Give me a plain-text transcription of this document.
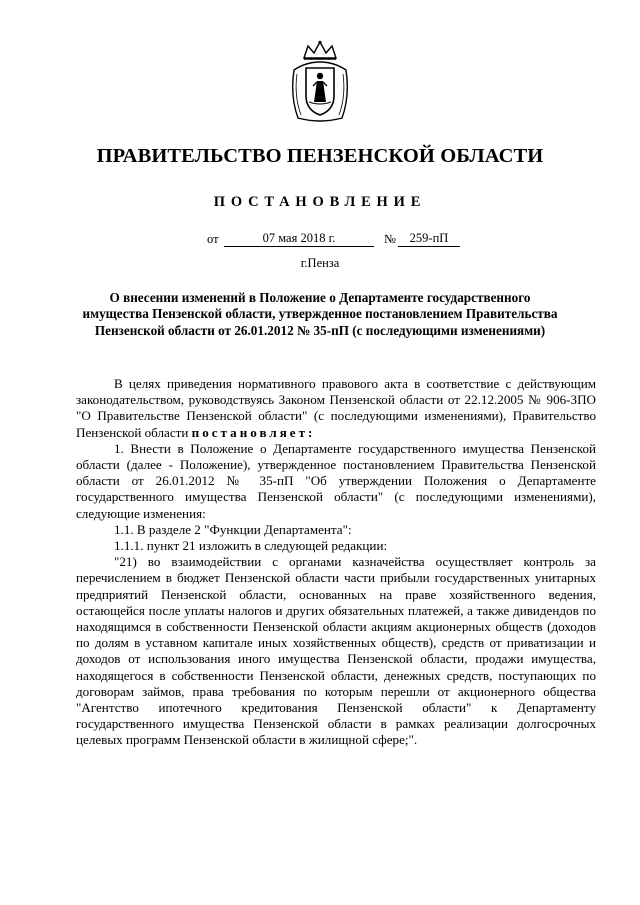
ПРАВИТЕЛЬСТВО ПЕНЗЕНСКОЙ ОБЛАСТИ
ПОСТАНОВЛЕНИЕ
от	07 мая 2018 г.	№	259-пП
г.Пенза
О внесении изменений в Положение о Департаменте государственного имущества Пензенской области, утвержденное постановлением Правительства Пензенской области от 26.01.2012 № 35-пП (с последующими изменениями)

В целях приведения нормативного правового акта в соответствие с действующим законодательством, руководствуясь Законом Пензенской области от 22.12.2005 № 906-ЗПО "О Правительстве Пензенской области" (с последующими изменениями), Правительство Пензенской области постановляет:

1. Внести в Положение о Департаменте государственного имущества Пензенской области (далее - Положение), утвержденное постановлением Правительства Пензенской области от 26.01.2012 № 35-пП "Об утверждении Положения о Департаменте государственного имущества Пензенской области" (с последующими изменениями), следующие изменения:

1.1. В разделе 2 "Функции Департамента":

1.1.1. пункт 21 изложить в следующей редакции:

"21) во взаимодействии с органами казначейства осуществляет контроль за перечислением в бюджет Пензенской области части прибыли государственных унитарных предприятий Пензенской области, основанных на праве хозяйственного ведения, остающейся после уплаты налогов и других обязательных платежей, а также дивидендов по находящимся в собственности Пензенской области акциям акционерных обществ (доходов по долям в уставном капитале иных хозяйственных обществ), средств от приватизации и доходов от использования иного имущества Пензенской области, продажи имущества, находящегося в собственности Пензенской области, денежных средств, поступающих по договорам займов, права требования по которым перешли от акционерного общества "Агентство ипотечного кредитования Пензенской области" к Департаменту государственного имущества Пензенской области в рамках реализации долгосрочных целевых программ Пензенской области в жилищной сфере;".
